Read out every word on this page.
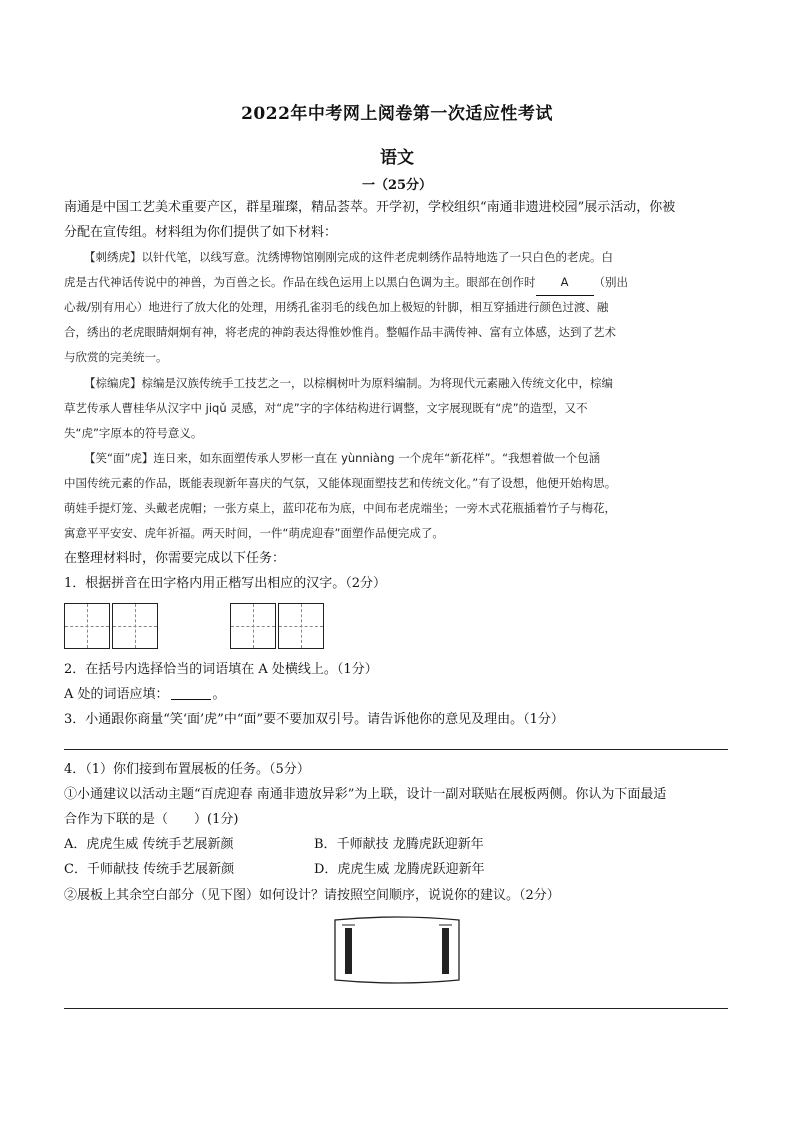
2022年中考网上阅卷第一次适应性考试
语文
一（25分）
南通是中国工艺美术重要产区，群星璀璨，精品荟萃。开学初，学校组织“南通非遗进校园”展示活动，你被
分配在宣传组。材料组为你们提供了如下材料：
【刺绣虎】以针代笔，以线写意。沈绣博物馆刚刚完成的这件老虎刺绣作品特地选了一只白色的老虎。白
虎是古代神话传说中的神兽，为百兽之长。作品在线色运用上以黑白色调为主。眼部在创作时 A （别出
心裁/别有用心）地进行了放大化的处理，用绣孔雀羽毛的线色加上极短的针脚，相互穿插进行颜色过渡、融
合，绣出的老虎眼睛炯炯有神，将老虎的神韵表达得惟妙惟肖。整幅作品丰满传神、富有立体感，达到了艺术
与欣赏的完美统一。
【棕编虎】棕编是汉族传统手工技艺之一，以棕榈树叶为原料编制。为将现代元素融入传统文化中，棕编
草艺传承人曹桂华从汉字中 jiqǔ 灵感，对“虎”字的字体结构进行调整，文字展现既有“虎”的造型，又不
失“虎”字原本的符号意义。
【笑“面”虎】连日来，如东面塑传承人罗彬一直在 yùnniàng 一个虎年“新花样”。“我想着做一个包涵
中国传统元素的作品，既能表现新年喜庆的气氛，又能体现面塑技艺和传统文化。”有了设想，他便开始构思。
萌娃手提灯笼、头戴老虎帽；一张方桌上，蓝印花布为底，中间布老虎端坐；一旁木式花瓶插着竹子与梅花，
寓意平平安安、虎年祈福。两天时间，一件“萌虎迎春”面塑作品便完成了。
在整理材料时，你需要完成以下任务：
1．根据拼音在田字格内用正楷写出相应的汉字。（2分）
2．在括号内选择恰当的词语填在 A 处横线上。（1分）
A 处的词语应填：	。
3．小通跟你商量“笑‘面’虎”中“面”要不要加双引号。请告诉他你的意见及理由。（1分）
4．（1）你们接到布置展板的任务。（5分）
①小通建议以活动主题“百虎迎春 南通非遗放异彩”为上联，设计一副对联贴在展板两侧。你认为下面最适
合作为下联的是（　　）(1分)
A．虎虎生威 传统手艺展新颜	B．千师献技 龙腾虎跃迎新年
C．千师献技 传统手艺展新颜	D．虎虎生威 龙腾虎跃迎新年
②展板上其余空白部分（见下图）如何设计？请按照空间顺序，说说你的建议。（2分）
